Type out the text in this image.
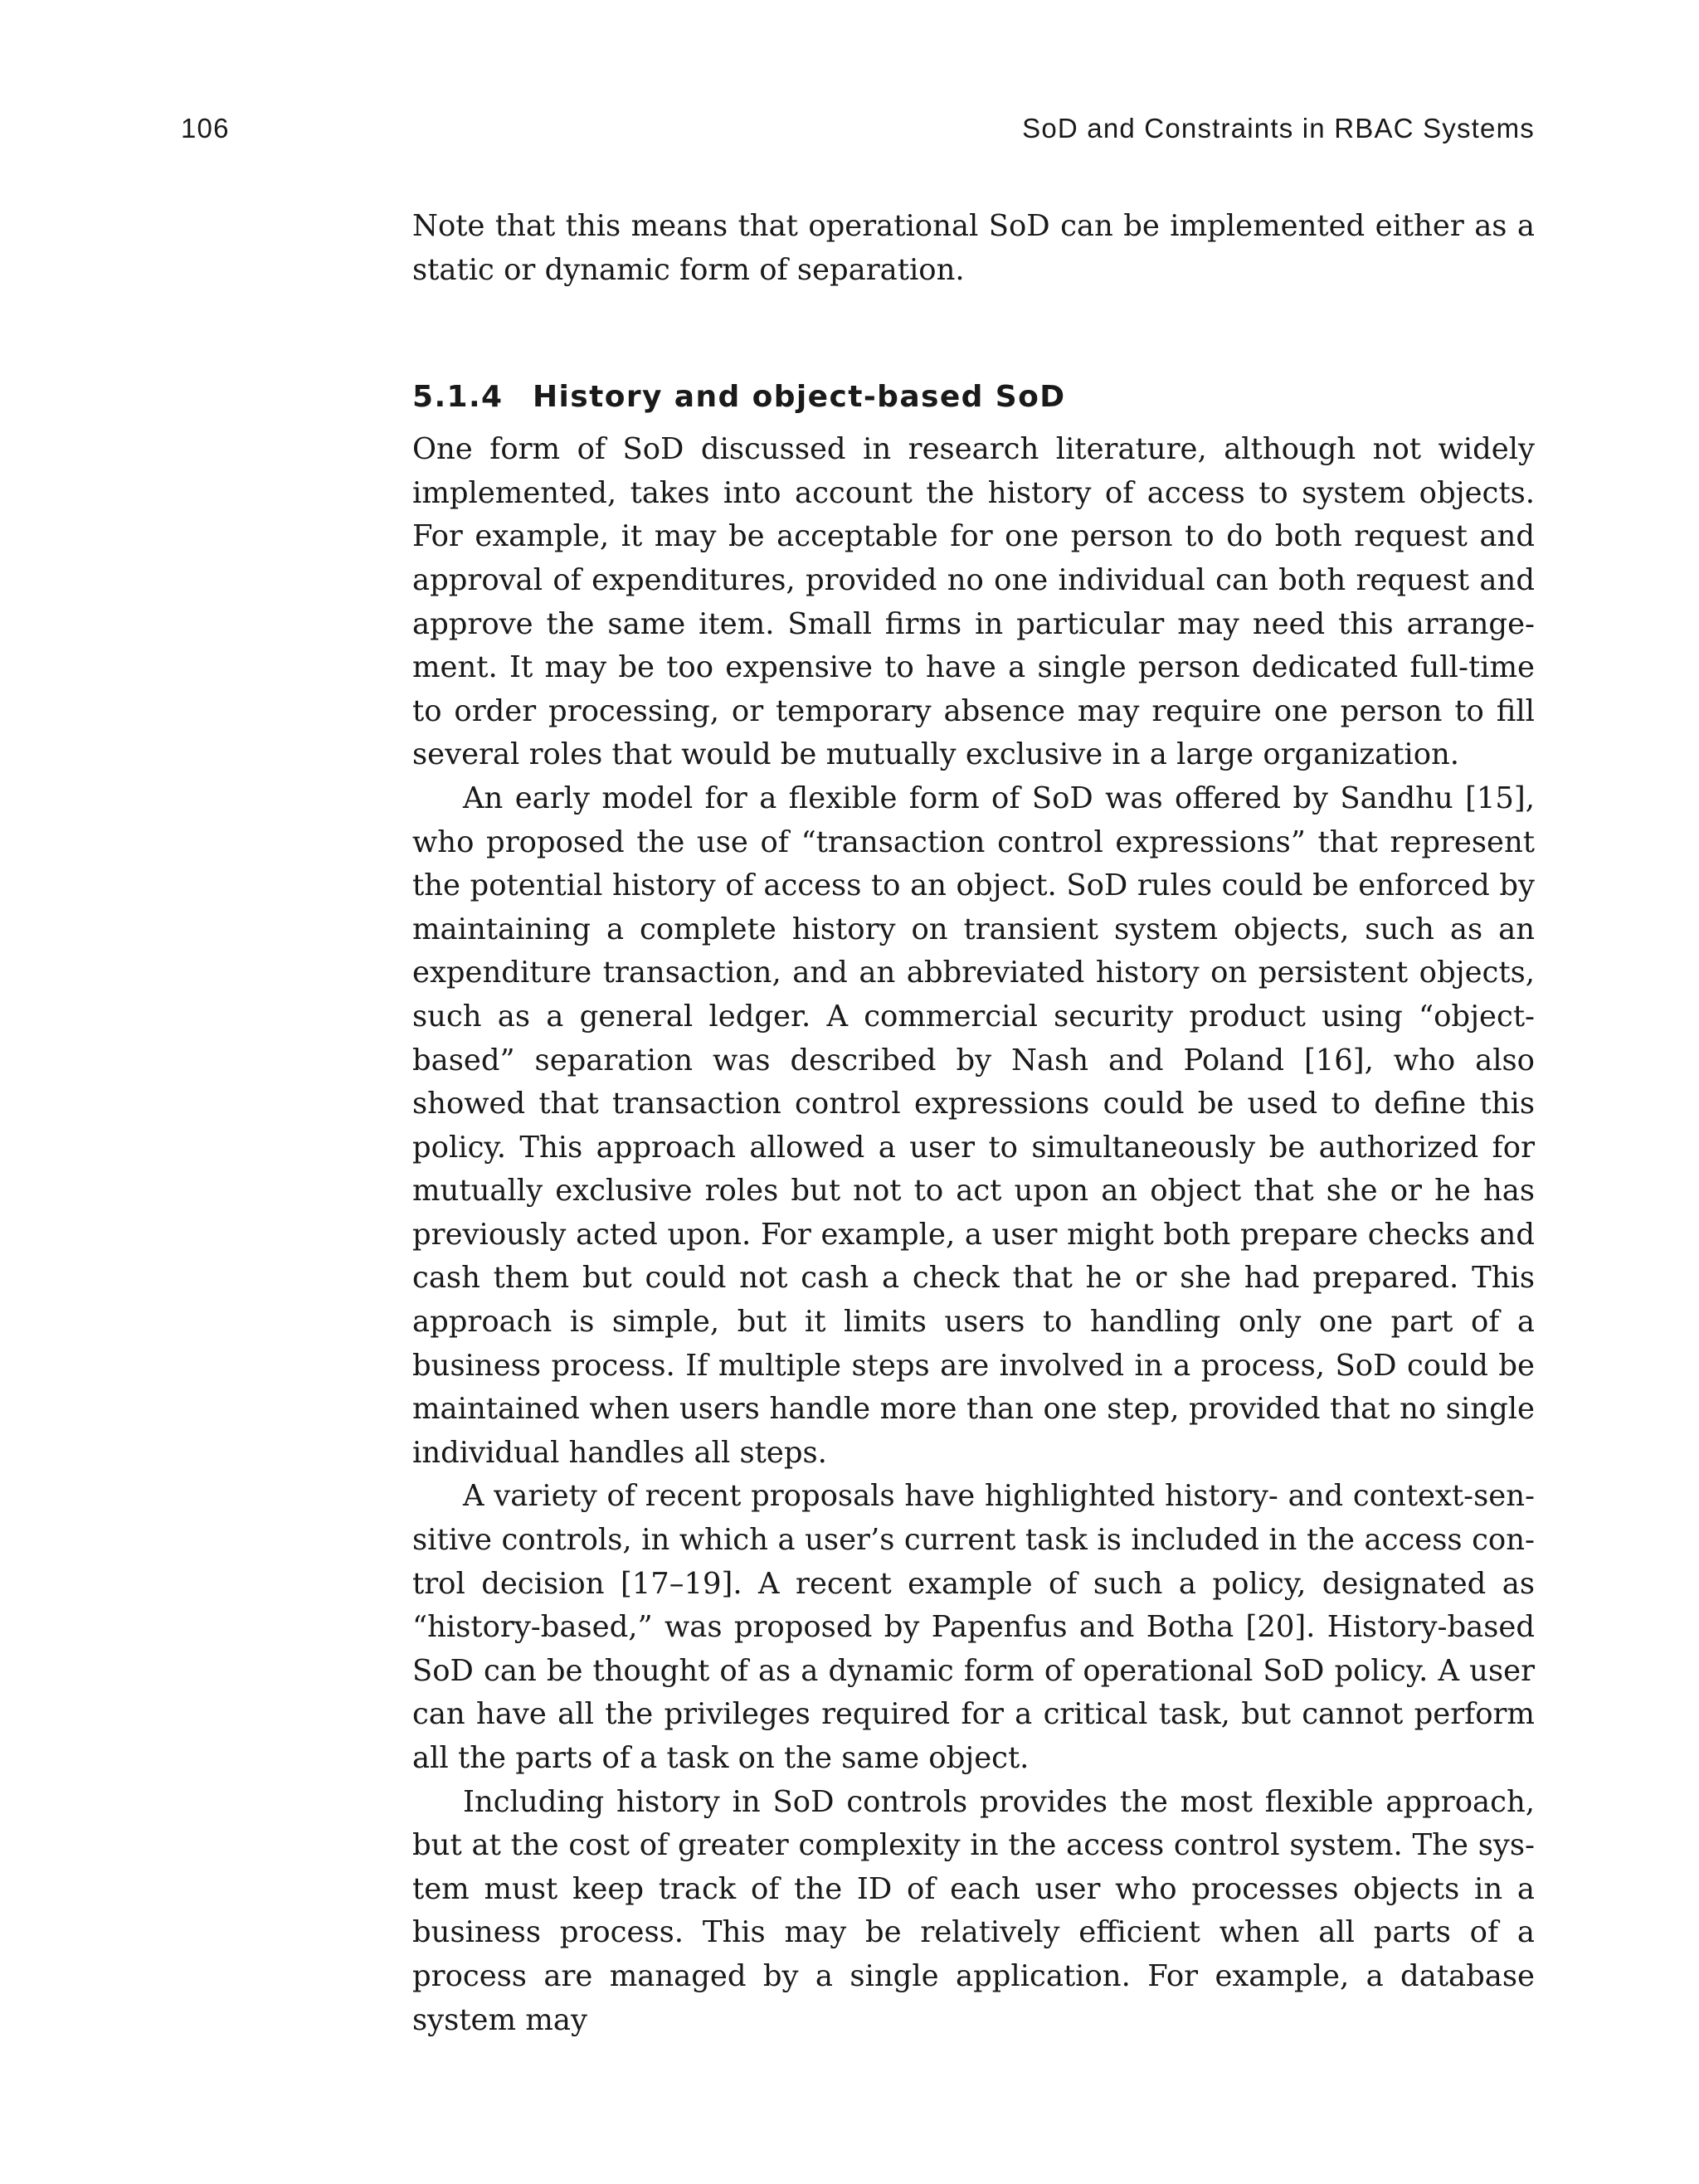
106	SoD and Constraints in RBAC Systems

Note that this means that operational SoD can be implemented either as a static or dynamic form of separation.

5.1.4 History and object-based SoD

One form of SoD discussed in research literature, although not widely implemented, takes into account the history of access to system objects. For example, it may be acceptable for one person to do both request and approval of expenditures, provided no one individual can both request and approve the same item. Small firms in particular may need this arrangement. It may be too expensive to have a single person dedicated full-time to order processing, or temporary absence may require one person to fill several roles that would be mutually exclusive in a large organization.

An early model for a flexible form of SoD was offered by Sandhu [15], who proposed the use of “transaction control expressions” that represent the potential history of access to an object. SoD rules could be enforced by maintaining a complete history on transient system objects, such as an expenditure transaction, and an abbreviated history on persistent objects, such as a general ledger. A commercial security product using “object-based” separation was described by Nash and Poland [16], who also showed that transaction control expressions could be used to define this policy. This approach allowed a user to simultaneously be authorized for mutually exclusive roles but not to act upon an object that she or he has previously acted upon. For example, a user might both prepare checks and cash them but could not cash a check that he or she had prepared. This approach is simple, but it limits users to handling only one part of a business process. If multiple steps are involved in a process, SoD could be maintained when users handle more than one step, provided that no single individual handles all steps.

A variety of recent proposals have highlighted history- and context-sensitive controls, in which a user’s current task is included in the access control decision [17–19]. A recent example of such a policy, designated as “history-based,” was proposed by Papenfus and Botha [20]. History-based SoD can be thought of as a dynamic form of operational SoD policy. A user can have all the privileges required for a critical task, but cannot perform all the parts of a task on the same object.

Including history in SoD controls provides the most flexible approach, but at the cost of greater complexity in the access control system. The system must keep track of the ID of each user who processes objects in a business process. This may be relatively efficient when all parts of a process are managed by a single application. For example, a database system may
